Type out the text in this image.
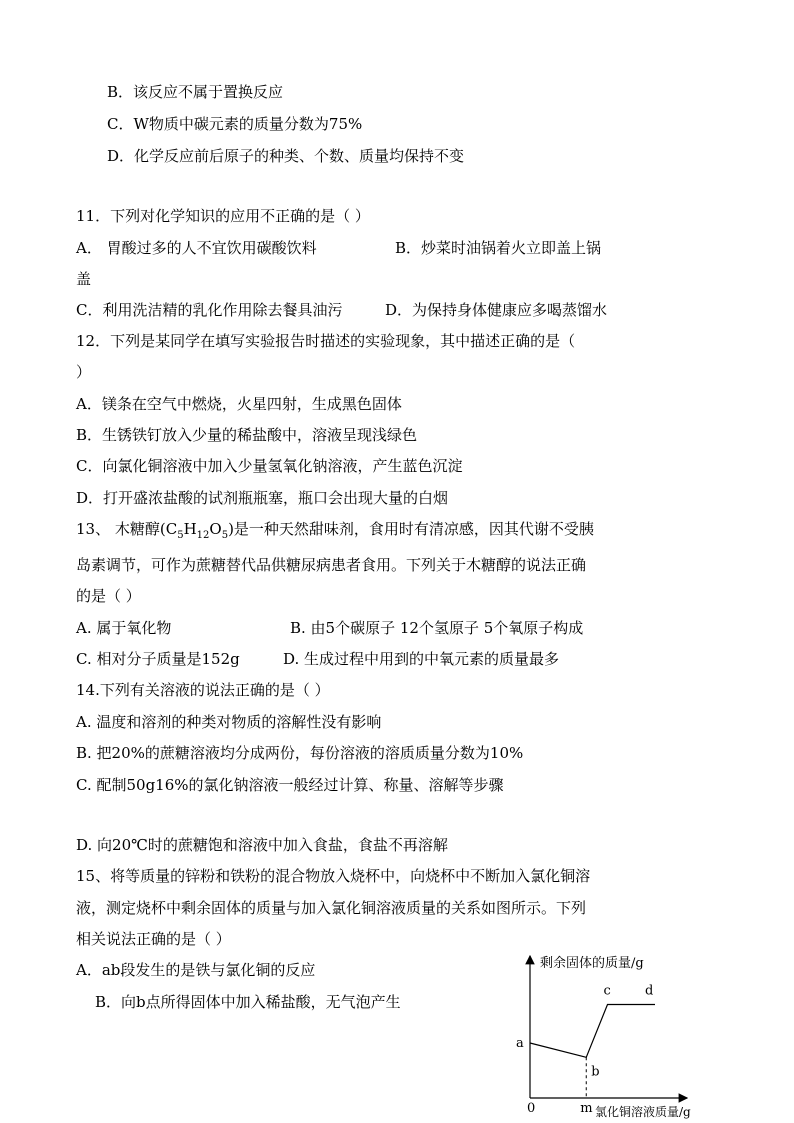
B．该反应不属于置换反应
C．W物质中碳元素的质量分数为75%
D．化学反应前后原子的种类、个数、质量均保持不变
11．下列对化学知识的应用不正确的是（ ）
A． 胃酸过多的人不宜饮用碳酸饮料	B．炒菜时油锅着火立即盖上锅
盖
C．利用洗洁精的乳化作用除去餐具油污	D．为保持身体健康应多喝蒸馏水
12．下列是某同学在填写实验报告时描述的实验现象，其中描述正确的是（
）
A．镁条在空气中燃烧，火星四射，生成黑色固体
B．生锈铁钉放入少量的稀盐酸中，溶液呈现浅绿色
C．向氯化铜溶液中加入少量氢氧化钠溶液，产生蓝色沉淀
D．打开盛浓盐酸的试剂瓶瓶塞，瓶口会出现大量的白烟
13、 木糖醇$(C_5H_{12}O_5)$是一种天然甜味剂，食用时有清凉感，因其代谢不受胰
岛素调节，可作为蔗糖替代品供糖尿病患者食用。下列关于木糖醇的说法正确
的是（ ）
A. 属于氧化物	B. 由5个碳原子 12个氢原子 5个氧原子构成
C. 相对分子质量是152g	D. 生成过程中用到的中氧元素的质量最多
14.下列有关溶液的说法正确的是（ ）
A. 温度和溶剂的种类对物质的溶解性没有影响
B. 把20%的蔗糖溶液均分成两份，每份溶液的溶质质量分数为10%
C. 配制50g16%的氯化钠溶液一般经过计算、称量、溶解等步骤
D. 向20℃时的蔗糖饱和溶液中加入食盐，食盐不再溶解
15、将等质量的锌粉和铁粉的混合物放入烧杯中，向烧杯中不断加入氯化铜溶
液，测定烧杯中剩余固体的质量与加入氯化铜溶液质量的关系如图所示。下列
相关说法正确的是（ ）
A．ab段发生的是铁与氯化铜的反应
B．向b点所得固体中加入稀盐酸，无气泡产生
剩余固体的质量/g
氯化铜溶液质量/g
0	m
a
b
c	d
